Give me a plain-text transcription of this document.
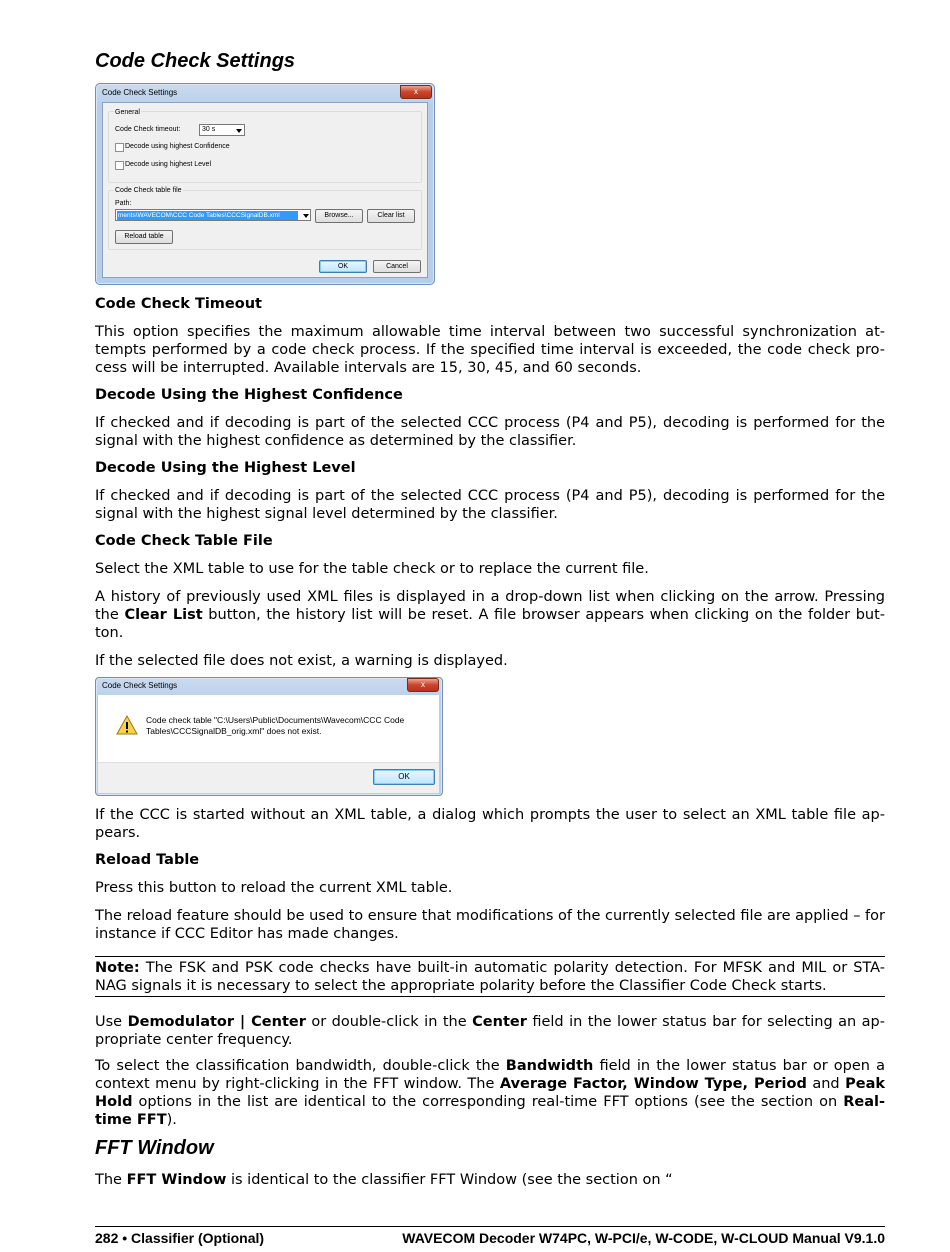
Code Check Settings
Code Check Settings	x
General
Code Check timeout:	30 s
Decode using highest Confidence
Decode using highest Level
Code Check table file
Path:
ments\WAVECOM\CCC Code Tables\CCCSignalDB.xml	Browse...	Clear list
Reload table
OK	Cancel
Code Check Timeout

This option specifies the maximum allowable time interval between two successful synchronization at-tempts performed by a code check process. If the specified time interval is exceeded, the code check pro-cess will be interrupted. Available intervals are 15, 30, 45, and 60 seconds.

Decode Using the Highest Confidence

If checked and if decoding is part of the selected CCC process (P4 and P5), decoding is performed for the signal with the highest confidence as determined by the classifier.

Decode Using the Highest Level

If checked and if decoding is part of the selected CCC process (P4 and P5), decoding is performed for the signal with the highest signal level determined by the classifier.

Code Check Table File

Select the XML table to use for the table check or to replace the current file.

A history of previously used XML files is displayed in a drop-down list when clicking on the arrow. Pressing the Clear List button, the history list will be reset. A file browser appears when clicking on the folder but-ton.

If the selected file does not exist, a warning is displayed.

Code Check Settings	x
Code check table "C:\Users\Public\Documents\Wavecom\CCC Code
Tables\CCCSignalDB_orig.xml" does not exist.
OK

If the CCC is started without an XML table, a dialog which prompts the user to select an XML table file ap-pears.

Reload Table

Press this button to reload the current XML table.

The reload feature should be used to ensure that modifications of the currently selected file are applied – for instance if CCC Editor has made changes.

Note: The FSK and PSK code checks have built-in automatic polarity detection. For MFSK and MIL or STA-NAG signals it is necessary to select the appropriate polarity before the Classifier Code Check starts.

Use Demodulator | Center or double-click in the Center field in the lower status bar for selecting an ap-propriate center frequency.

To select the classification bandwidth, double-click the Bandwidth field in the lower status bar or open a context menu by right-clicking in the FFT window. The Average Factor, Window Type, Period and Peak Hold options in the list are identical to the corresponding real-time FFT options (see the section on Real-time FFT).

FFT Window

The FFT Window is identical to the classifier FFT Window (see the section on “

282 • Classifier (Optional)	WAVECOM Decoder W74PC, W-PCI/e, W-CODE, W-CLOUD Manual V9.1.0
